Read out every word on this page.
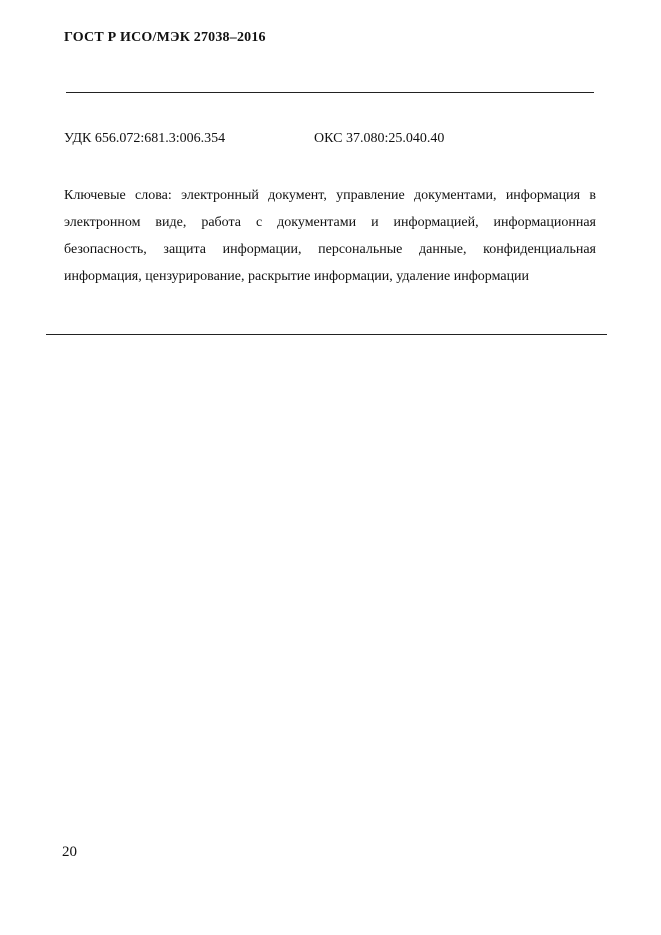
ГОСТ Р ИСО/МЭК 27038–2016
УДК 656.072:681.3:006.354	ОКС 37.080:25.040.40

Ключевые слова: электронный документ, управление документами, информация в электронном виде, работа с документами и информацией, информационная безопасность, защита информации, персональные данные, конфиденциальная информация, цензурирование, раскрытие информации, удаление информации

20
